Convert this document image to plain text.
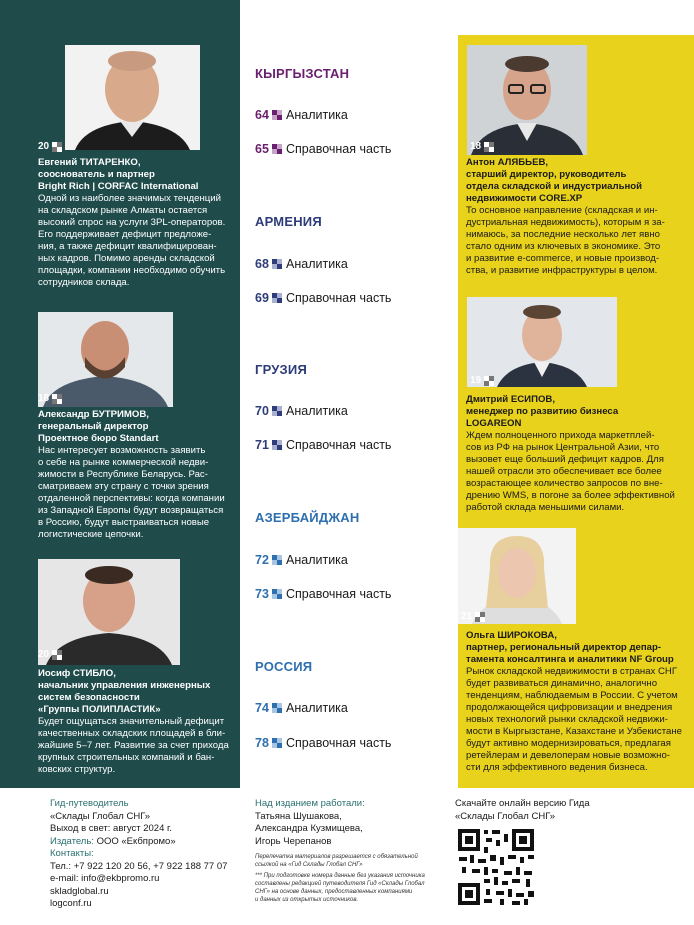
20
Евгений ТИТАРЕНКО,
сооснователь и партнер
Bright Rich | CORFAC International
Одной из наиболее значимых тенденций
на складском рынке Алматы остается
высокий спрос на услуги 3PL-операторов.
Его поддерживает дефицит предложе-
ния, а также дефицит квалифицирован-
ных кадров. Помимо аренды складской
площадки, компании необходимо обучить
сотрудников склада.
18
Александр БУТРИМОВ,
генеральный директор
Проектное бюро Standart
Нас интересует возможность заявить
о себе на рынке коммерческой недви-
жимости в Республике Беларусь. Рас-
сматриваем эту страну с точки зрения
отдаленной перспективы: когда компании
из Западной Европы будут возвращаться
в Россию, будут выстраиваться новые
логистические цепочки.
20
Иосиф СТИБЛО,
начальник управления инженерных
систем безопасности
«Группы ПОЛИПЛАСТИК»
Будет ощущаться значительный дефицит
качественных складских площадей в бли-
жайшие 5–7 лет. Развитие за счет прихода
крупных строительных компаний и бан-
ковских структур.
КЫРГЫЗСТАН
64 Аналитика
65 Справочная часть
АРМЕНИЯ
68 Аналитика
69 Справочная часть
ГРУЗИЯ
70 Аналитика
71 Справочная часть
АЗЕРБАЙДЖАН
72 Аналитика
73 Справочная часть
РОССИЯ
74 Аналитика
78 Справочная часть
18
Антон АЛЯБЬЕВ,
старший директор, руководитель
отдела складской и индустриальной
недвижимости CORE.XP
То основное направление (складская и ин-
дустриальная недвижимость), которым я за-
нимаюсь, за последние несколько лет явно
стало одним из ключевых в экономике. Это
и развитие e-commerce, и новые производ-
ства, и развитие инфраструктуры в целом.
19
Дмитрий ЕСИПОВ,
менеджер по развитию бизнеса
LOGAREON
Ждем полноценного прихода маркетплей-
сов из РФ на рынок Центральной Азии, что
вызовет еще больший дефицит кадров. Для
нашей отрасли это обеспечивает все более
возрастающее количество запросов по вне-
дрению WMS, в погоне за более эффективной
работой склада меньшими силами.
21
Ольга ШИРОКОВА,
партнер, региональный директор депар-
тамента консалтинга и аналитики NF Group
Рынок складской недвижимости в странах СНГ
будет развиваться динамично, аналогично
тенденциям, наблюдаемым в России. С учетом
продолжающейся цифровизации и внедрения
новых технологий рынки складской недвижи-
мости в Кыргызстане, Казахстане и Узбекистане
будут активно модернизироваться, предлагая
ретейлерам и девелоперам новые возможно-
сти для эффективного ведения бизнеса.
Гид-путеводитель
«Склады Глобал СНГ»
Выход в свет: август 2024 г.
Издатель: ООО «Екбпромо»
Контакты:
Тел.: +7 922 120 20 56, +7 922 188 77 07
e-mail: info@ekbpromo.ru
skladglobal.ru
logconf.ru
Над изданием работали:
Татьяна Шушакова,
Александра Кузмищева,
Игорь Черепанов
Перепечатка материалов разрешается с обязательной
ссылкой на «Гид Склады Глобал СНГ»
*** При подготовке номера данные без указания источника
составлены редакцией путеводителя Гид «Склады Глобал
СНГ» на основе данных, предоставленных компаниями
и данных из открытых источников.
Скачайте онлайн версию Гида
«Склады Глобал СНГ»
